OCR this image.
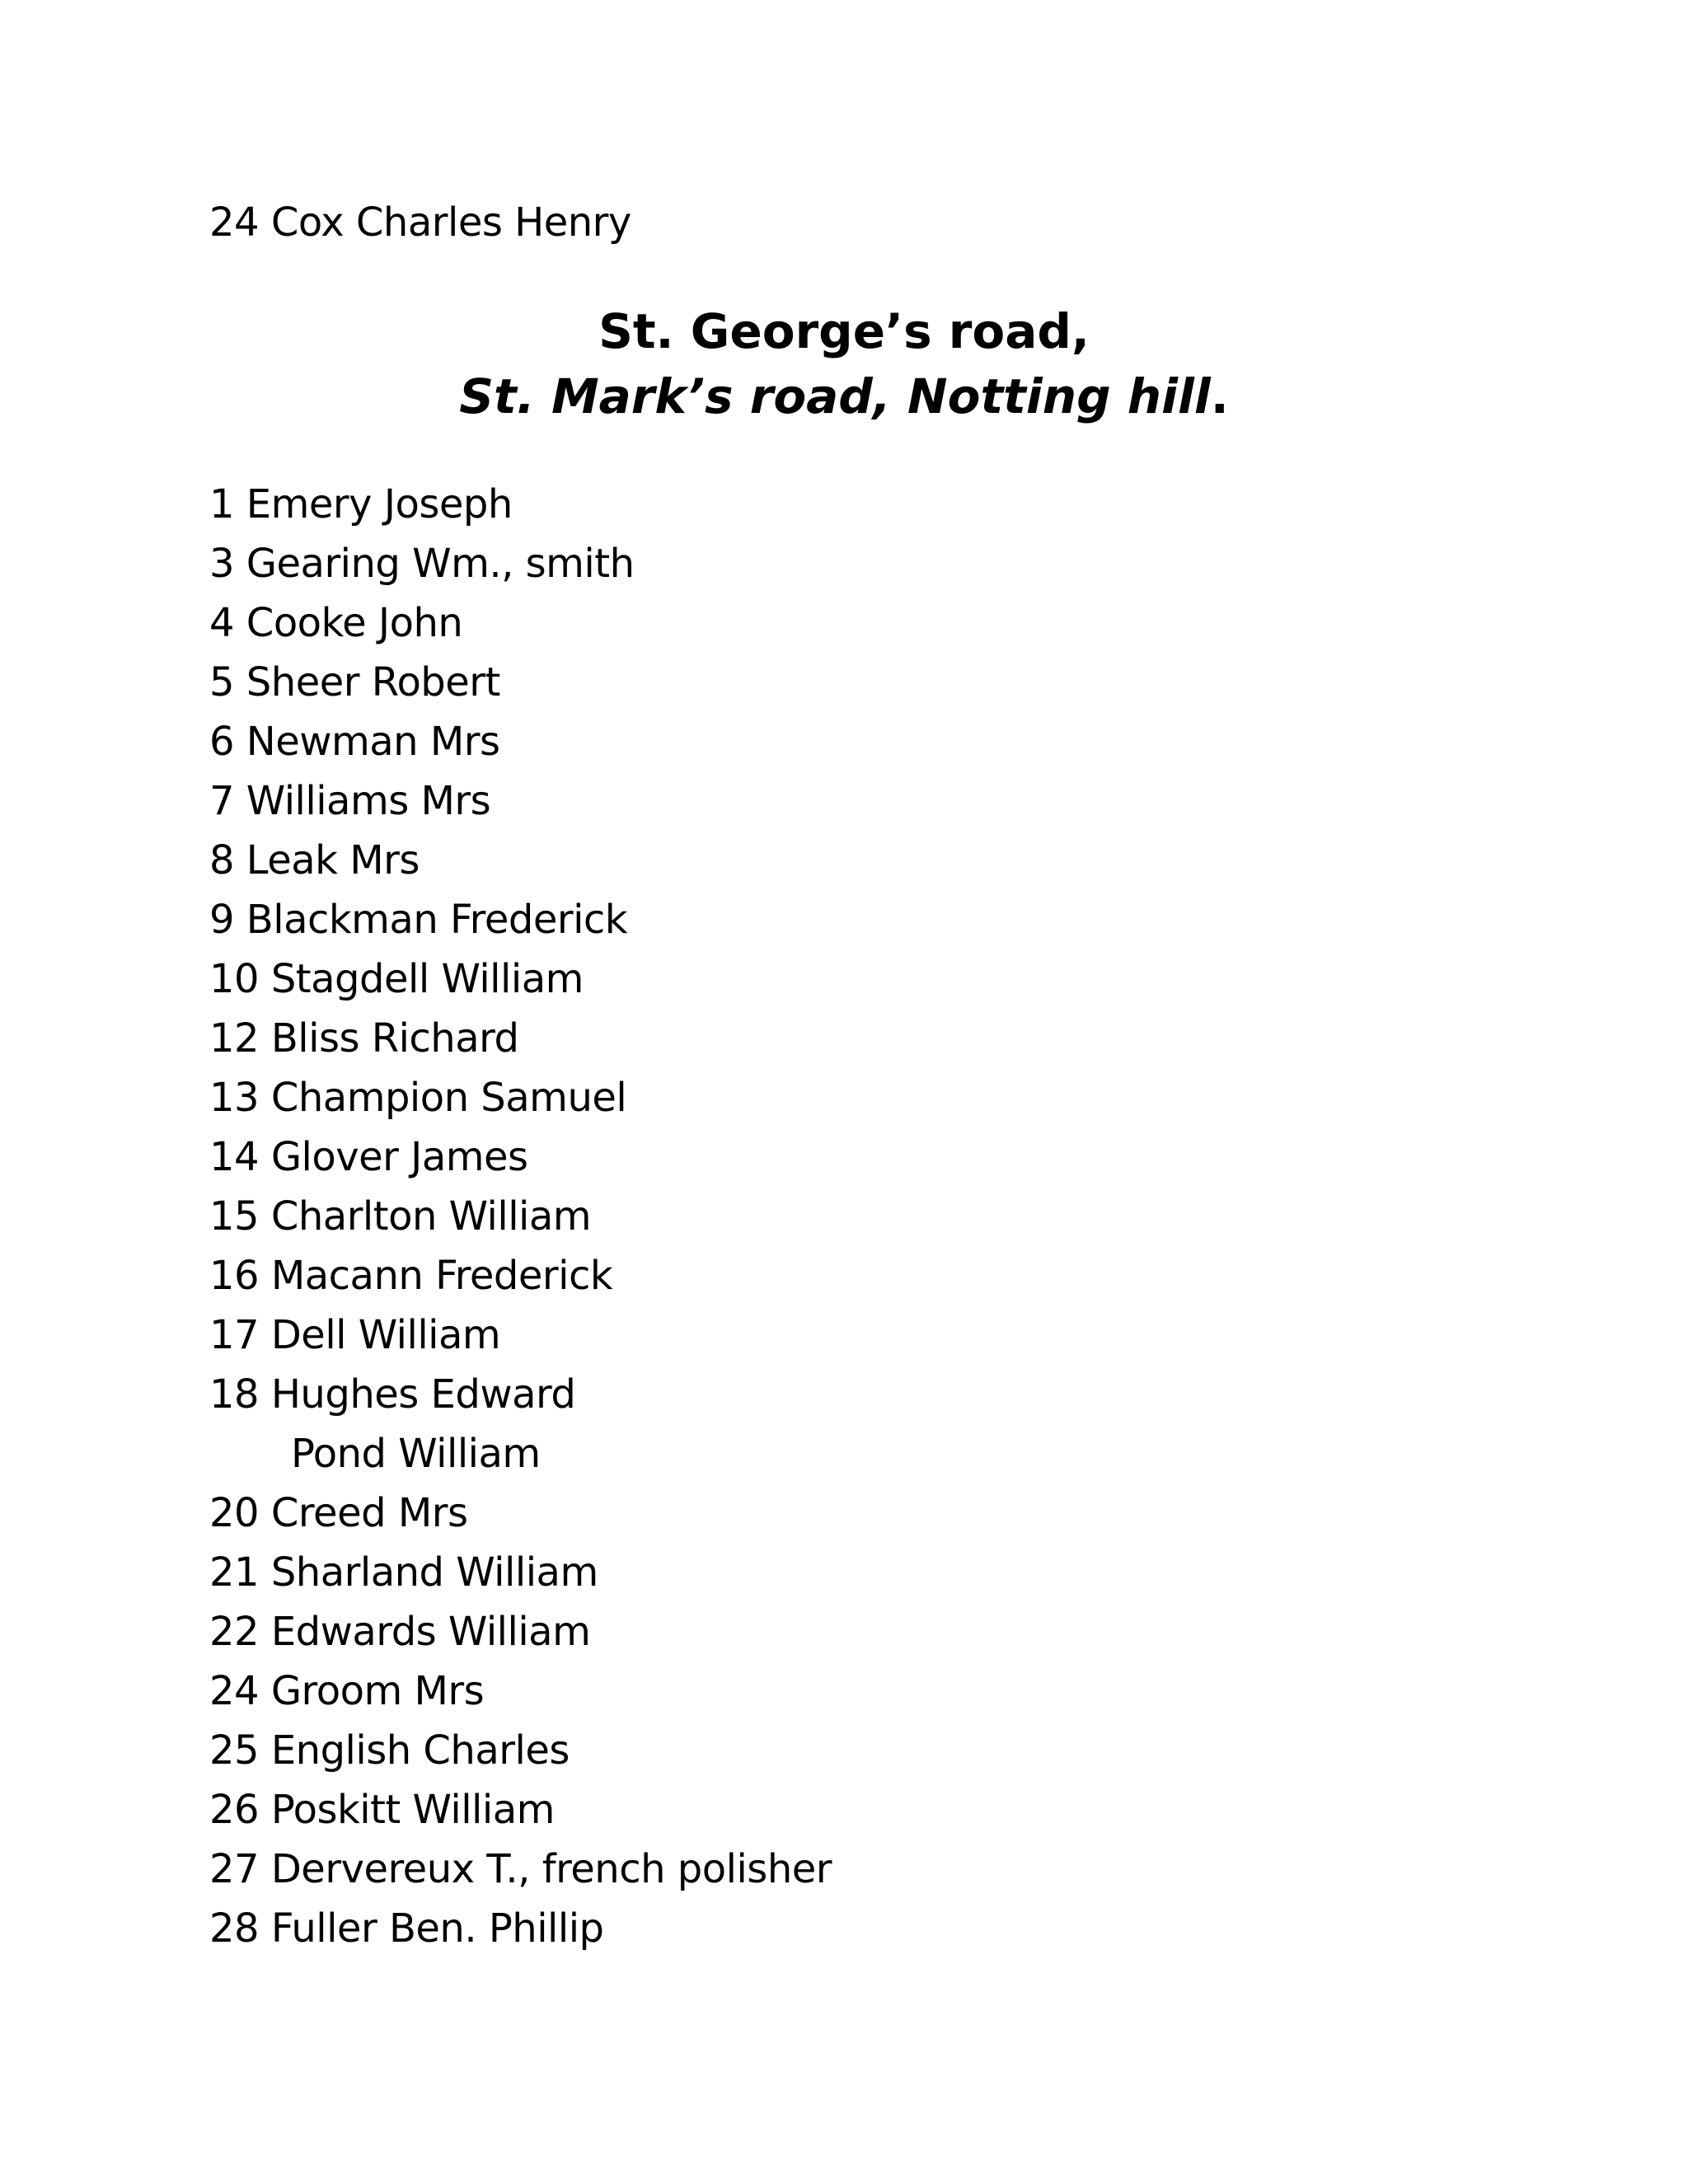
24 Cox Charles Henry
St. George’s road,
St. Mark’s road, Notting hill.
1 Emery Joseph
3 Gearing Wm., smith
4 Cooke John
5 Sheer Robert
6 Newman Mrs
7 Williams Mrs
8 Leak Mrs
9 Blackman Frederick
10 Stagdell William
12 Bliss Richard
13 Champion Samuel
14 Glover James
15 Charlton William
16 Macann Frederick
17 Dell William
18 Hughes Edward
Pond William
20 Creed Mrs
21 Sharland William
22 Edwards William
24 Groom Mrs
25 English Charles
26 Poskitt William
27 Dervereux T., french polisher
28 Fuller Ben. Phillip
